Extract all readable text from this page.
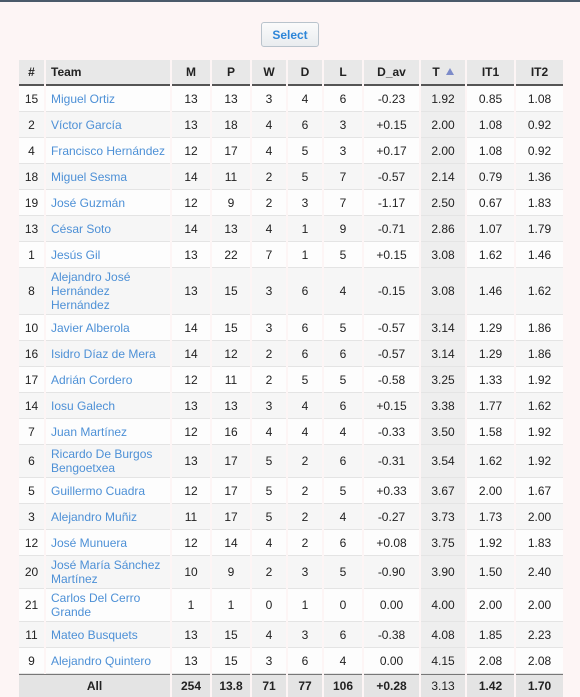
Select
#	Team	M	P	W	D	L	D_av	T	IT1	IT2
15	Miguel Ortiz	13	13	3	4	6	-0.23	1.92	0.85	1.08
2	Víctor García	13	18	4	6	3	+0.15	2.00	1.08	0.92
4	Francisco Hernández	12	17	4	5	3	+0.17	2.00	1.08	0.92
18	Miguel Sesma	14	11	2	5	7	-0.57	2.14	0.79	1.36
19	José Guzmán	12	9	2	3	7	-1.17	2.50	0.67	1.83
13	César Soto	14	13	4	1	9	-0.71	2.86	1.07	1.79
1	Jesús Gil	13	22	7	1	5	+0.15	3.08	1.62	1.46
8	Alejandro José Hernández Hernández	13	15	3	6	4	-0.15	3.08	1.46	1.62
10	Javier Alberola	14	15	3	6	5	-0.57	3.14	1.29	1.86
16	Isidro Díaz de Mera	14	12	2	6	6	-0.57	3.14	1.29	1.86
17	Adrián Cordero	12	11	2	5	5	-0.58	3.25	1.33	1.92
14	Iosu Galech	13	13	3	4	6	+0.15	3.38	1.77	1.62
7	Juan Martínez	12	16	4	4	4	-0.33	3.50	1.58	1.92
6	Ricardo De Burgos Bengoetxea	13	17	5	2	6	-0.31	3.54	1.62	1.92
5	Guillermo Cuadra	12	17	5	2	5	+0.33	3.67	2.00	1.67
3	Alejandro Muñiz	11	17	5	2	4	-0.27	3.73	1.73	2.00
12	José Munuera	12	14	4	2	6	+0.08	3.75	1.92	1.83
20	José María Sánchez Martínez	10	9	2	3	5	-0.90	3.90	1.50	2.40
21	Carlos Del Cerro Grande	1	1	0	1	0	0.00	4.00	2.00	2.00
11	Mateo Busquets	13	15	4	3	6	-0.38	4.08	1.85	2.23
9	Alejandro Quintero	13	15	3	6	4	0.00	4.15	2.08	2.08
All		254	13.8	71	77	106	+0.28	3.13	1.42	1.70
